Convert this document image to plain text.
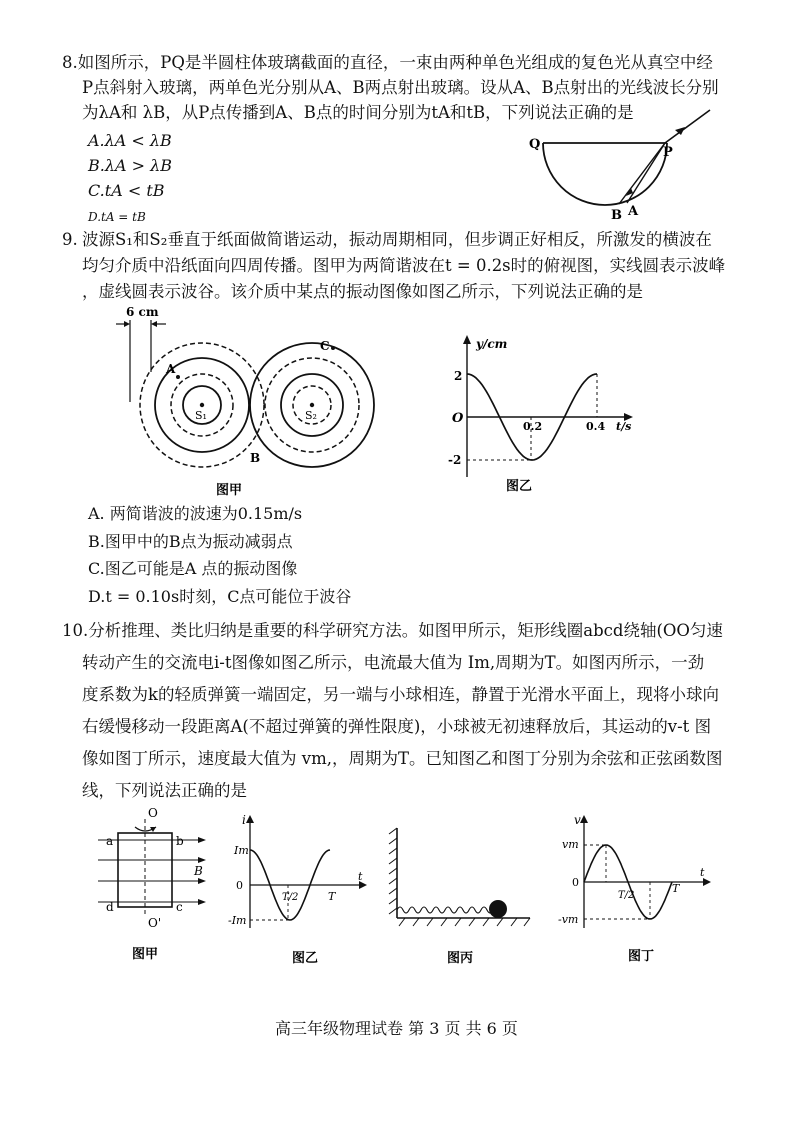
8.如图所示，PQ是半圆柱体玻璃截面的直径，一束由两种单色光组成的复色光从真空中经
P点斜射入玻璃，两单色光分别从A、B两点射出玻璃。设从A、B点射出的光线波长分别
为λA和 λB，从P点传播到A、B点的时间分别为tA和tB，下列说法正确的是
A.λA < λB
B.λA > λB
C.tA < tB
D.tA = tB
Q
P
B A
9. 波源S₁和S₂垂直于纸面做简谐运动，振动周期相同，但步调正好相反，所激发的横波在
均匀介质中沿纸面向四周传播。图甲为两简谐波在t = 0.2s时的俯视图，实线圆表示波峰
，虚线圆表示波谷。该介质中某点的振动图像如图乙所示，下列说法正确的是
6 cm
A
C
B
S₁	S₂
图甲
y/cm
2
-2
O
0.2	0.4 t/s
图乙
A. 两简谐波的波速为0.15m/s
B.图甲中的B点为振动减弱点
C.图乙可能是A 点的振动图像
D.t = 0.10s时刻，C点可能位于波谷
10.分析推理、类比归纳是重要的科学研究方法。如图甲所示，矩形线圈abcd绕轴(OO匀速
转动产生的交流电i-t图像如图乙所示，电流最大值为 Im,周期为T。如图丙所示，一劲
度系数为k的轻质弹簧一端固定，另一端与小球相连，静置于光滑水平面上，现将小球向
右缓慢移动一段距离A(不超过弹簧的弹性限度)，小球被无初速释放后，其运动的v-t 图
像如图丁所示，速度最大值为 vm,，周期为T。已知图乙和图丁分别为余弦和正弦函数图
线，下列说法正确的是
O
O'
a	b
c
d
B
图甲
i
Im
-Im
0
T/2	T
t
图乙	图丙
v
vm
-vm
0
T/2
T
t
图丁
高三年级物理试卷 第 3 页 共 6 页
